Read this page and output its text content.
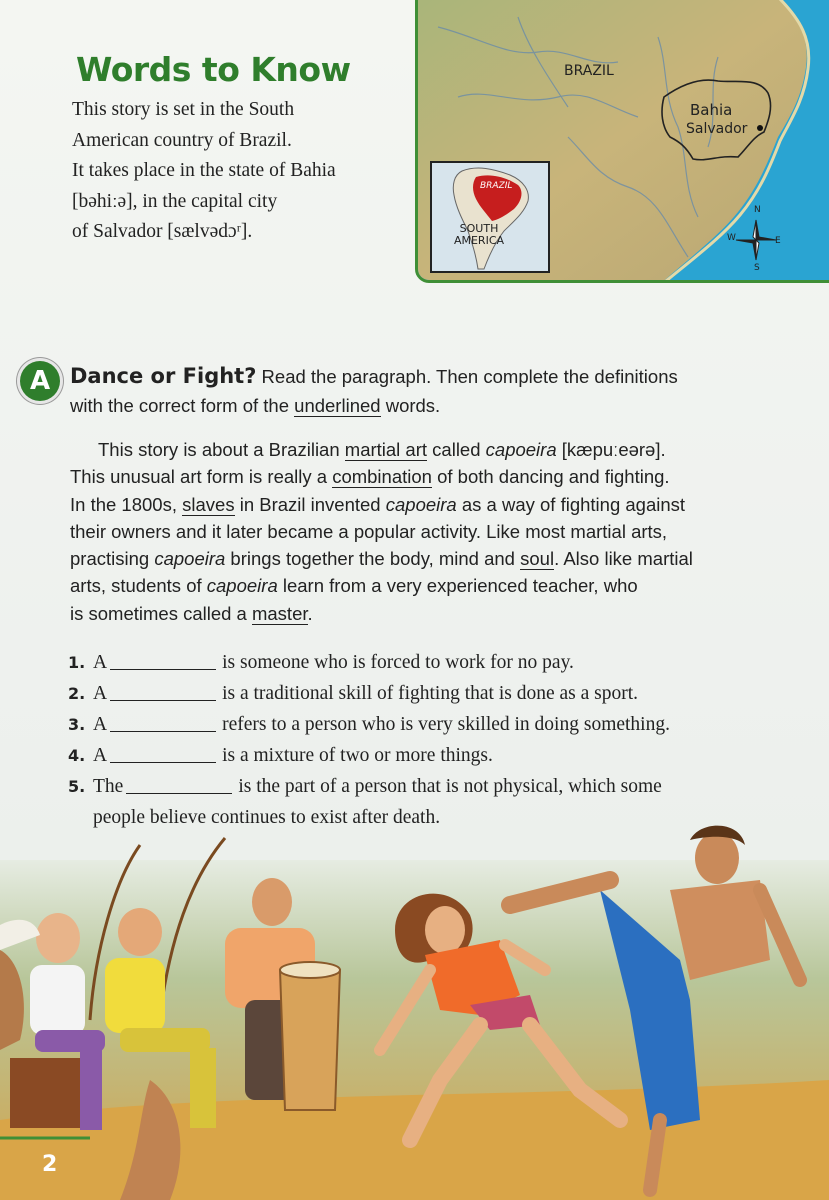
Words to Know
This story is set in the South
American country of Brazil.
It takes place in the state of Bahia
[bəhiːə], in the capital city
of Salvador [sælvədɔʳ].
BRAZIL
Bahia
Salvador
N
S
E
W
BRAZIL
SOUTH
AMERICA
A Dance or Fight? Read the paragraph. Then complete the definitions
with the correct form of the underlined words.
This story is about a Brazilian martial art called capoeira [kæpuːeərə].
This unusual art form is really a combination of both dancing and fighting.
In the 1800s, slaves in Brazil invented capoeira as a way of fighting against
their owners and it later became a popular activity. Like most martial arts,
practising capoeira brings together the body, mind and soul. Also like martial
arts, students of capoeira learn from a very experienced teacher, who
is sometimes called a master.
1. A	is someone who is forced to work for no pay.
2. A	is a traditional skill of fighting that is done as a sport.
3. A	refers to a person who is very skilled in doing something.
4. A	is a mixture of two or more things.
5. The	is the part of a person that is not physical, which some
people believe continues to exist after death.
2
